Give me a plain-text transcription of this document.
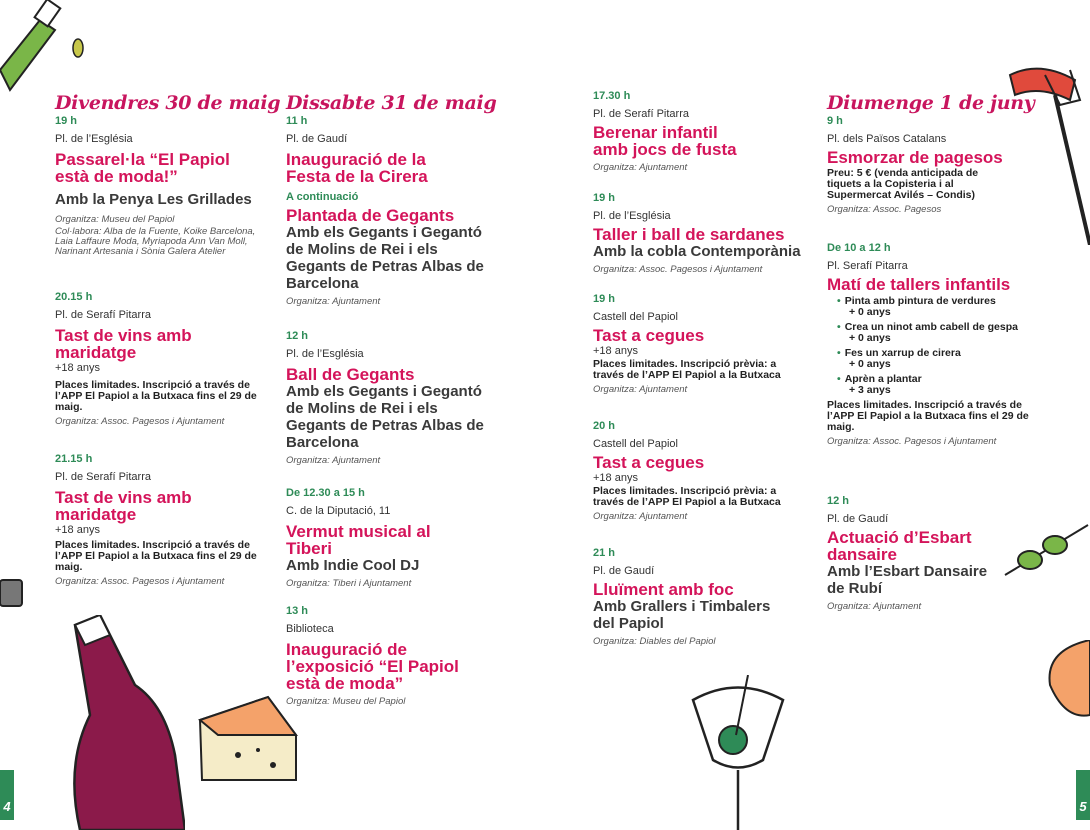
4	5
Divendres 30 de maig

19 h

Pl. de l’Església

Passarel·la “El Papiol està de moda!”

Amb la Penya Les Grillades

Organitza: Museu del Papiol

Col·labora: Alba de la Fuente, Koike Barcelona, Laia Laffaure Moda, Myriapoda Ann Van Moll, Narinant Artesania i Sònia Galera Atelier

20.15 h

Pl. de Serafí Pitarra

Tast de vins amb maridatge

+18 anys

Places limitades. Inscripció a través de l’APP El Papiol a la Butxaca fins el 29 de maig.

Organitza: Assoc. Pagesos i Ajuntament

21.15 h

Pl. de Serafí Pitarra

Tast de vins amb maridatge

+18 anys

Places limitades. Inscripció a través de l’APP El Papiol a la Butxaca fins el 29 de maig.

Organitza: Assoc. Pagesos i Ajuntament

Dissabte 31 de maig

11 h

Pl. de Gaudí

Inauguració de la Festa de la Cirera

A continuació

Plantada de Gegants

Amb els Gegants i Gegantó de Molins de Rei i els Gegants de Petras Albas de Barcelona

Organitza: Ajuntament

12 h

Pl. de l’Església

Ball de Gegants

Amb els Gegants i Gegantó de Molins de Rei i els Gegants de Petras Albas de Barcelona

Organitza: Ajuntament

De 12.30 a 15 h

C. de la Diputació, 11

Vermut musical al Tiberi

Amb Indie Cool DJ

Organitza: Tiberi i Ajuntament

13 h

Biblioteca

Inauguració de l’exposició “El Papiol està de moda”

Organitza: Museu del Papiol

17.30 h

Pl. de Serafí Pitarra

Berenar infantil amb jocs de fusta

Organitza: Ajuntament

19 h

Pl. de l’Església

Taller i ball de sardanes

Amb la cobla Contemporània

Organitza: Assoc. Pagesos i Ajuntament

19 h

Castell del Papiol

Tast a cegues

+18 anys

Places limitades. Inscripció prèvia: a través de l’APP El Papiol a la Butxaca

Organitza: Ajuntament

20 h

Castell del Papiol

Tast a cegues

+18 anys

Places limitades. Inscripció prèvia: a través de l’APP El Papiol a la Butxaca

Organitza: Ajuntament

21 h

Pl. de Gaudí

Lluïment amb foc

Amb Grallers i Timbalers del Papiol

Organitza: Diables del Papiol

Diumenge 1 de juny

9 h

Pl. dels Països Catalans

Esmorzar de pagesos

Preu: 5 € (venda anticipada de tiquets a la Copisteria i al Supermercat Avilés – Condis)

Organitza: Assoc. Pagesos

De 10 a 12 h

Pl. Serafí Pitarra

Matí de tallers infantils

• Pinta amb pintura de verdures
+ 0 anys
• Crea un ninot amb cabell de gespa
+ 0 anys
• Fes un xarrup de cirera
+ 0 anys
• Aprèn a plantar
+ 3 anys

Places limitades. Inscripció a través de l’APP El Papiol a la Butxaca fins el 29 de maig.

Organitza: Assoc. Pagesos i Ajuntament

12 h

Pl. de Gaudí

Actuació d’Esbart dansaire

Amb l’Esbart Dansaire de Rubí

Organitza: Ajuntament
